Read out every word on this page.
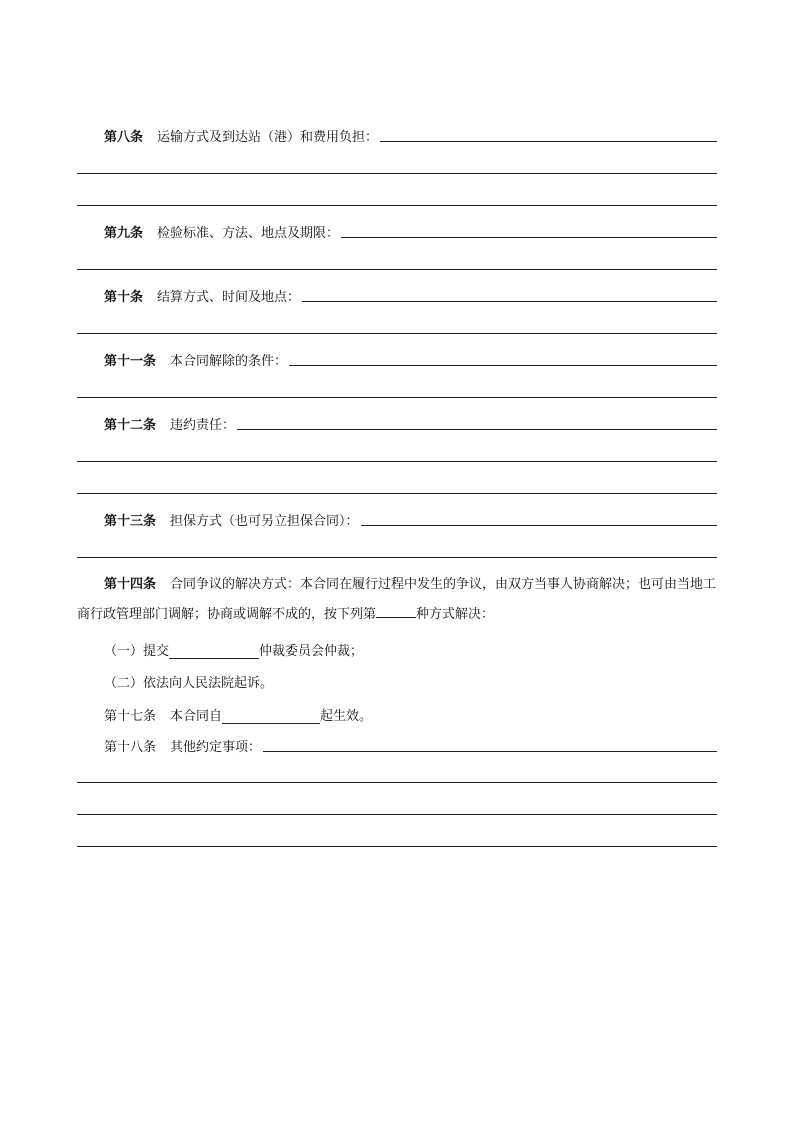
第八条 运输方式及到达站（港）和费用负担：
第九条 检验标准、方法、地点及期限：
第十条 结算方式、时间及地点：
第十一条 本合同解除的条件：
第十二条 违约责任：
第十三条 担保方式（也可另立担保合同）：
第十四条 合同争议的解决方式：本合同在履行过程中发生的争议，由双方当事人协商解决；也可由当地工商行政管理部门调解；协商或调解不成的，按下列第	种方式解决：
（一）提交	仲裁委员会仲裁；
（二）依法向人民法院起诉。
第十七条 本合同自	起生效。
第十八条 其他约定事项：
